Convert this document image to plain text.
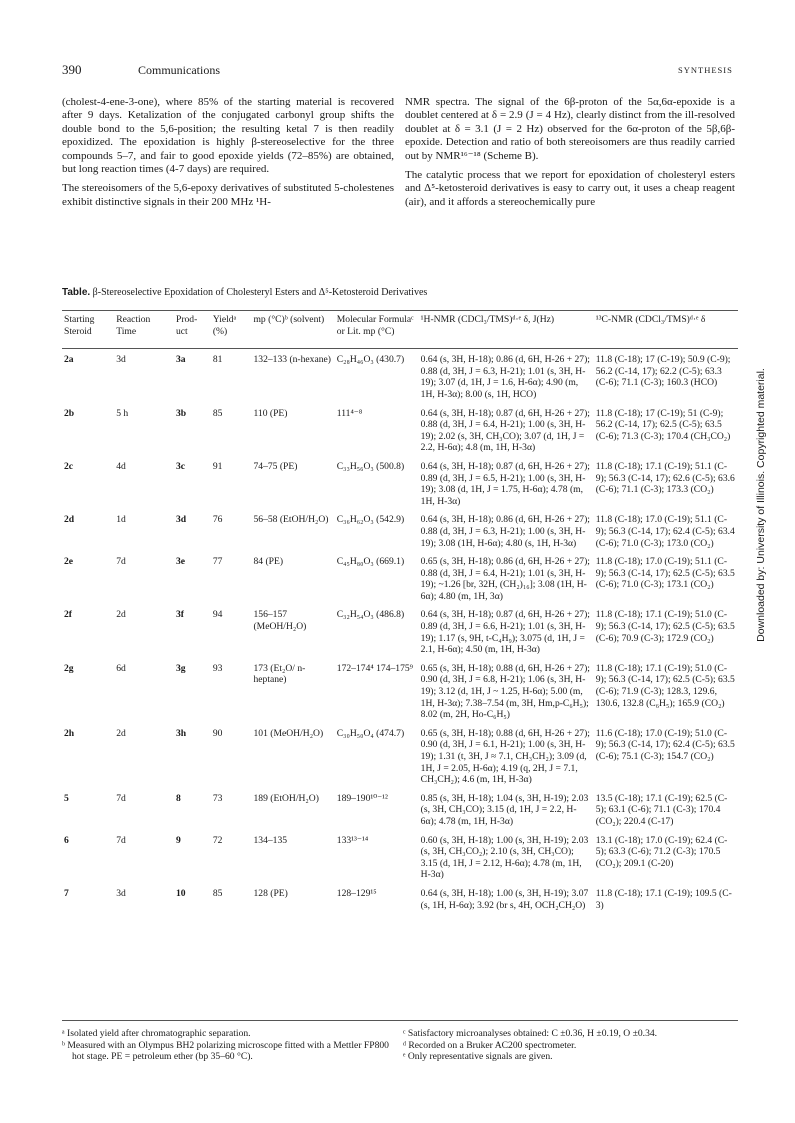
390	Communications	SYNTHESIS

(cholest-4-ene-3-one), where 85% of the starting material is recovered after 9 days. Ketalization of the conjugated carbonyl group shifts the double bond to the 5,6-position; the resulting ketal 7 is then readily epoxidized. The epoxidation is highly β-stereoselective for the three compounds 5–7, and fair to good epoxide yields (72–85%) are obtained, but long reaction times (4-7 days) are required.

The stereoisomers of the 5,6-epoxy derivatives of substituted 5-cholestenes exhibit distinctive signals in their 200 MHz ¹H-

NMR spectra. The signal of the 6β-proton of the 5α,6α-epoxide is a doublet centered at δ = 2.9 (J = 4 Hz), clearly distinct from the ill-resolved doublet at δ = 3.1 (J = 2 Hz) observed for the 6α-proton of the 5β,6β-epoxide. Detection and ratio of both stereoisomers are thus readily carried out by NMR¹⁶⁻¹⁸ (Scheme B).

The catalytic process that we report for epoxidation of cholesteryl esters and Δ⁵-ketosteroid derivatives is easy to carry out, it uses a cheap reagent (air), and it affords a stereochemically pure

Downloaded by: University of Illinois. Copyrighted material.
Table. β-Stereoselective Epoxidation of Cholesteryl Esters and Δ⁵-Ketosteroid Derivatives
Starting Steroid	Reaction Time	Prod-uct	Yieldᵃ (%)	mp (°C)ᵇ (solvent)	Molecular Formulaᶜ or Lit. mp (°C)	¹H-NMR (CDCl₃/TMS)ᵈ·ᵉ δ, J(Hz)	¹³C-NMR (CDCl₃/TMS)ᵈ·ᵉ δ
2a	3d	3a	81	132–133 (n-hexane)	C₂₈H₄₆O₃ (430.7)	0.64 (s, 3H, H-18); 0.86 (d, 6H, H-26 + 27); 0.88 (d, 3H, J = 6.3, H-21); 1.01 (s, 3H, H-19); 3.07 (d, 1H, J = 1.6, H-6α); 4.90 (m, 1H, H-3α); 8.00 (s, 1H, HCO)	11.8 (C-18); 17 (C-19); 50.9 (C-9); 56.2 (C-14, 17); 62.2 (C-5); 63.3 (C-6); 71.1 (C-3); 160.3 (HCO)
2b	5 h	3b	85	110 (PE)	111⁴⁻⁸	0.64 (s, 3H, H-18); 0.87 (d, 6H, H-26 + 27); 0.88 (d, 3H, J = 6.4, H-21); 1.00 (s, 3H, H-19); 2.02 (s, 3H, CH₃CO); 3.07 (d, 1H, J = 2.2, H-6α); 4.8 (m, 1H, H-3α)	11.8 (C-18); 17 (C-19); 51 (C-9); 56.2 (C-14, 17); 62.5 (C-5); 63.5 (C-6); 71.3 (C-3); 170.4 (CH₃CO₂)
2c	4d	3c	91	74–75 (PE)	C₃₃H₅₆O₃ (500.8)	0.64 (s, 3H, H-18); 0.87 (d, 6H, H-26 + 27); 0.89 (d, 3H, J = 6.5, H-21); 1.00 (s, 3H, H-19); 3.08 (d, 1H, J = 1.75, H-6α); 4.78 (m, 1H, H-3α)	11.8 (C-18); 17.1 (C-19); 51.1 (C-9); 56.3 (C-14, 17); 62.6 (C-5); 63.6 (C-6); 71.1 (C-3); 173.3 (CO₂)
2d	1d	3d	76	56–58 (EtOH/H₂O)	C₃₆H₆₂O₃ (542.9)	0.64 (s, 3H, H-18); 0.86 (d, 6H, H-26 + 27); 0.88 (d, 3H, J = 6.3, H-21); 1.00 (s, 3H, H-19); 3.08 (1H, H-6α); 4.80 (s, 1H, H-3α)	11.8 (C-18); 17.0 (C-19); 51.1 (C-9); 56.3 (C-14, 17); 62.4 (C-5); 63.4 (C-6); 71.0 (C-3); 173.0 (CO₂)
2e	7d	3e	77	84 (PE)	C₄₅H₈₀O₃ (669.1)	0.65 (s, 3H, H-18); 0.86 (d, 6H, H-26 + 27); 0.88 (d, 3H, J = 6.4, H-21); 1.01 (s, 3H, H-19); ~1.26 [br, 32H, (CH₂)₁₆]; 3.08 (1H, H-6α); 4.80 (m, 1H, 3α)	11.8 (C-18); 17.0 (C-19); 51.1 (C-9); 56.3 (C-14, 17); 62.5 (C-5); 63.5 (C-6); 71.0 (C-3); 173.1 (CO₂)
2f	2d	3f	94	156–157 (MeOH/H₂O)	C₃₂H₅₄O₃ (486.8)	0.64 (s, 3H, H-18); 0.87 (d, 6H, H-26 + 27); 0.89 (d, 3H, J = 6.6, H-21); 1.01 (s, 3H, H-19); 1.17 (s, 9H, t-C₄H₉); 3.075 (d, 1H, J = 2.1, H-6α); 4.50 (m, 1H, H-3α)	11.8 (C-18); 17.1 (C-19); 51.0 (C-9); 56.3 (C-14, 17); 62.5 (C-5); 63.5 (C-6); 70.9 (C-3); 172.9 (CO₂)
2g	6d	3g	93	173 (Et₂O/ n-heptane)	172–174⁴ 174–175⁹	0.65 (s, 3H, H-18); 0.88 (d, 6H, H-26 + 27); 0.90 (d, 3H, J = 6.8, H-21); 1.06 (s, 3H, H-19); 3.12 (d, 1H, J ~ 1.25, H-6α); 5.00 (m, 1H, H-3α); 7.38–7.54 (m, 3H, Hm,p-C₆H₅); 8.02 (m, 2H, Ho-C₆H₅)	11.8 (C-18); 17.1 (C-19); 51.0 (C-9); 56.3 (C-14, 17); 62.5 (C-5); 63.5 (C-6); 71.9 (C-3); 128.3, 129.6, 130.6, 132.8 (C₆H₅); 165.9 (CO₂)
2h	2d	3h	90	101 (MeOH/H₂O)	C₃₀H₅₀O₄ (474.7)	0.65 (s, 3H, H-18); 0.88 (d, 6H, H-26 + 27); 0.90 (d, 3H, J = 6.1, H-21); 1.00 (s, 3H, H-19); 1.31 (t, 3H, J ≈ 7.1, CH₃CH₂); 3.09 (d, 1H, J = 2.05, H-6α); 4.19 (q, 2H, J = 7.1, CH₃CH₂); 4.6 (m, 1H, H-3α)	11.6 (C-18); 17.0 (C-19); 51.0 (C-9); 56.3 (C-14, 17); 62.4 (C-5); 63.5 (C-6); 75.1 (C-3); 154.7 (CO₂)
5	7d	8	73	189 (EtOH/H₂O)	189–190¹⁰⁻¹²	0.85 (s, 3H, H-18); 1.04 (s, 3H, H-19); 2.03 (s, 3H, CH₃CO); 3.15 (d, 1H, J = 2.2, H-6α); 4.78 (m, 1H, H-3α)	13.5 (C-18); 17.1 (C-19); 62.5 (C-5); 63.1 (C-6); 71.1 (C-3); 170.4 (CO₂); 220.4 (C-17)
6	7d	9	72	134–135	133¹³⁻¹⁴	0.60 (s, 3H, H-18); 1.00 (s, 3H, H-19); 2.03 (s, 3H, CH₃CO₂); 2.10 (s, 3H, CH₃CO); 3.15 (d, 1H, J = 2.12, H-6α); 4.78 (m, 1H, H-3α)	13.1 (C-18); 17.0 (C-19); 62.4 (C-5); 63.3 (C-6); 71.2 (C-3); 170.5 (CO₂); 209.1 (C-20)
7	3d	10	85	128 (PE)	128–129¹⁵	0.64 (s, 3H, H-18); 1.00 (s, 3H, H-19); 3.07 (s, 1H, H-6α); 3.92 (br s, 4H, OCH₂CH₂O)	11.8 (C-18); 17.1 (C-19); 109.5 (C-3)
ᵃ Isolated yield after chromatographic separation.
ᵇ Measured with an Olympus BH2 polarizing microscope fitted with a Mettler FP800 hot stage. PE = petroleum ether (bp 35–60 °C).
ᶜ Satisfactory microanalyses obtained: C ±0.36, H ±0.19, O ±0.34.
ᵈ Recorded on a Bruker AC200 spectrometer.
ᵉ Only representative signals are given.
